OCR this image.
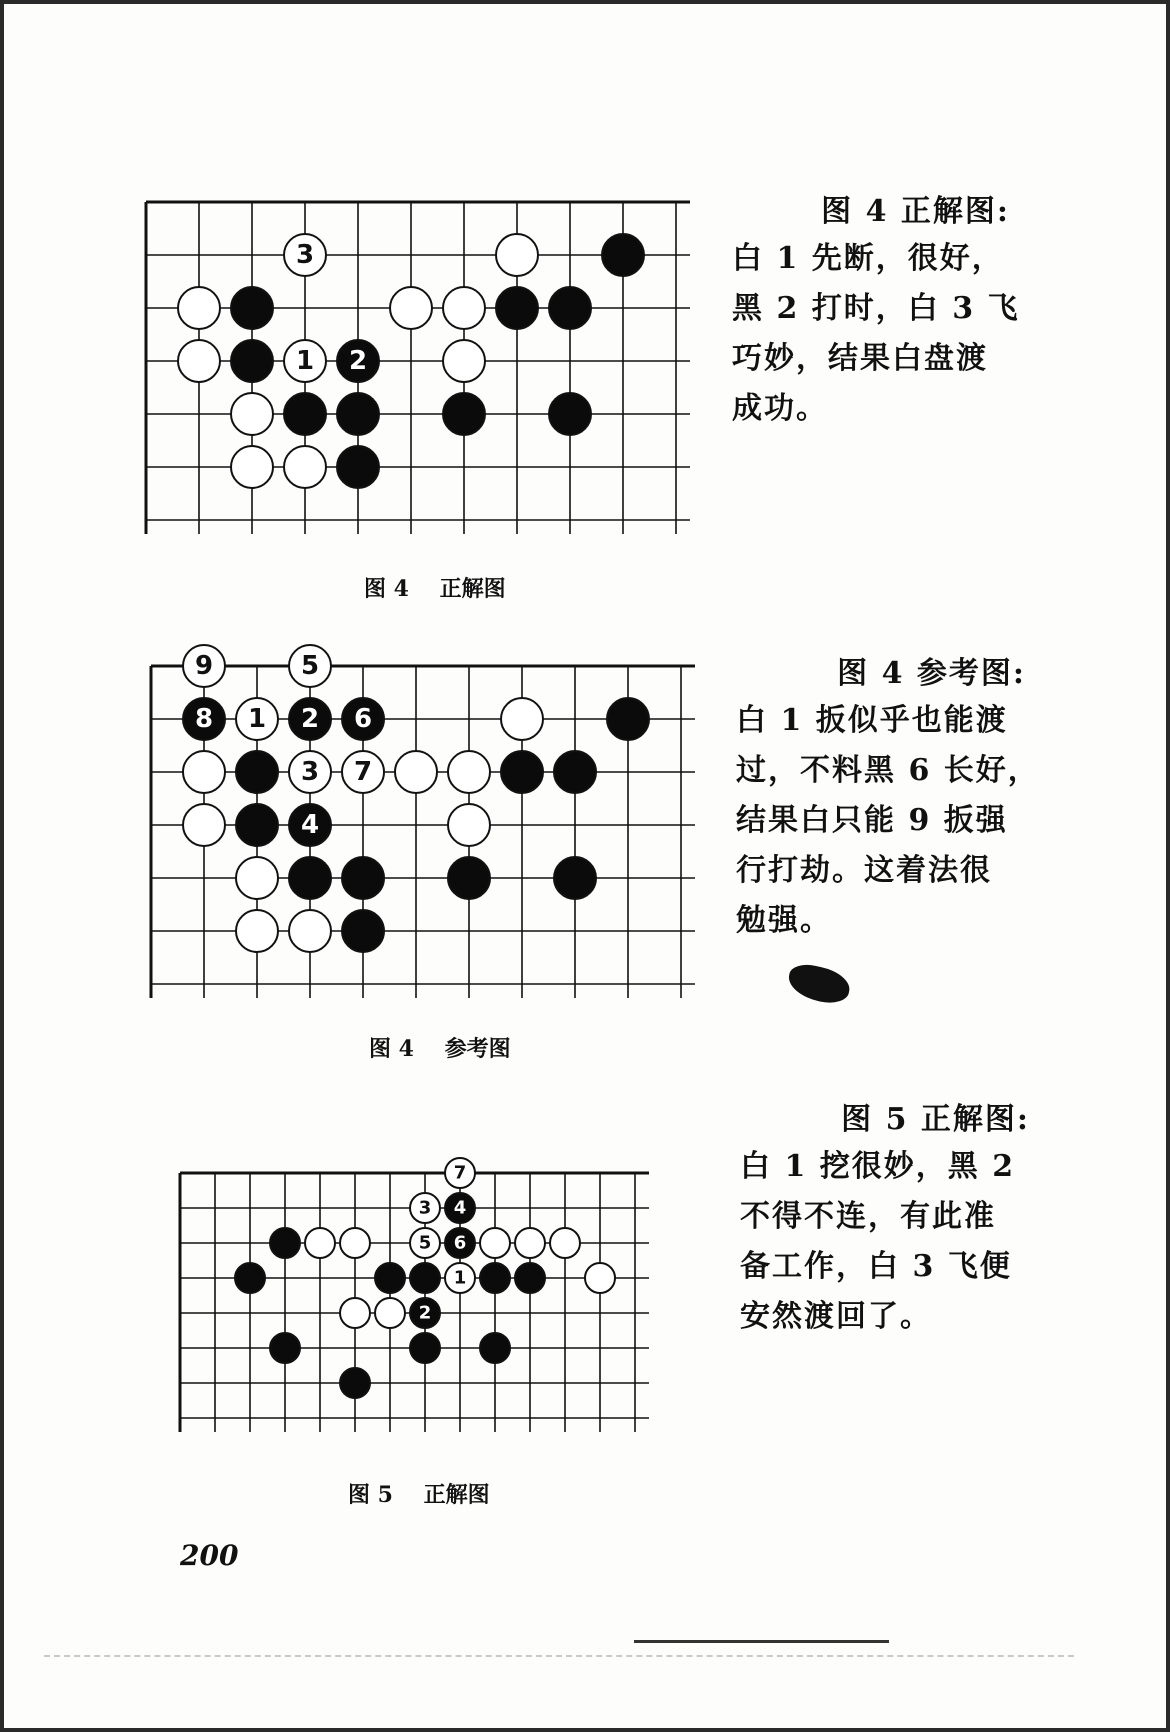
3
1 2
图 4    正解图
图 4 正解图:
白 1 先断，很好，
黑 2 打时，白 3 飞
巧妙，结果白盘渡
成功。
9	5
8 1 2 6
3 7
4
图 4    参考图
图 4 参考图:
白 1 扳似乎也能渡
过，不料黑 6 长好，
结果白只能 9 扳强
行打劫。这着法很
勉强。
7
3 4
5 6
1
2
图 5    正解图
图 5 正解图:
白 1 挖很妙，黑 2
不得不连，有此准
备工作，白 3 飞便
安然渡回了。
200
